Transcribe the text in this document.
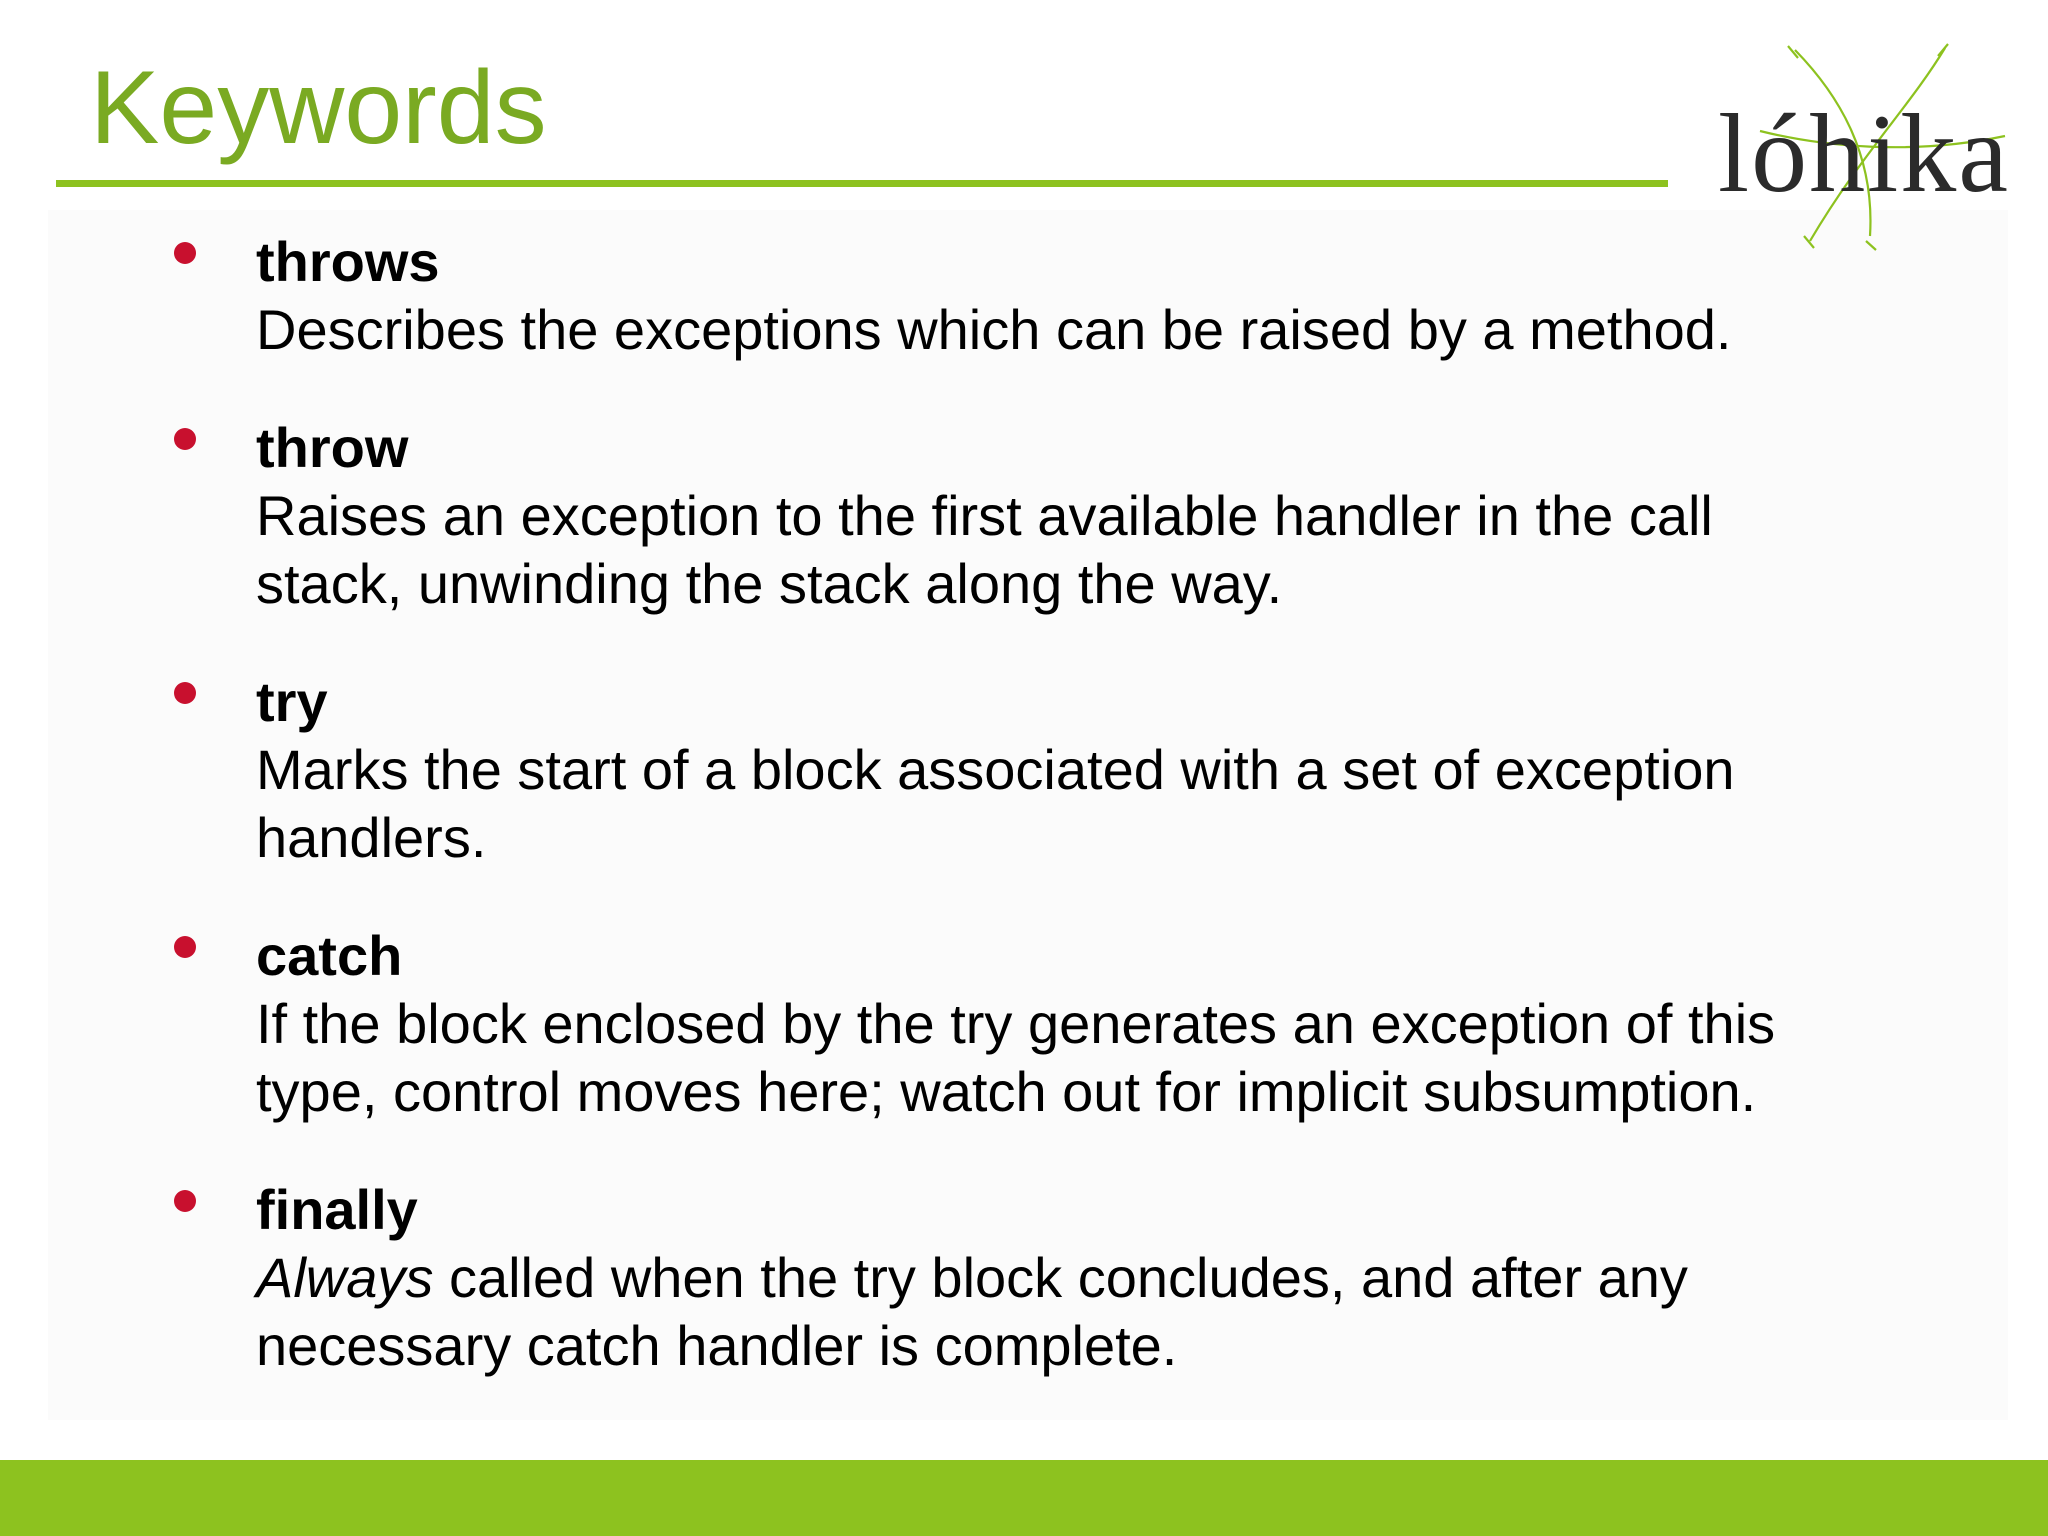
Keywords	lóhika
throws
Describes the exceptions which can be raised by a method.
throw
Raises an exception to the first available handler in the call stack, unwinding the stack along the way.
try
Marks the start of a block associated with a set of exception handlers.
catch
If the block enclosed by the try generates an exception of this type, control moves here; watch out for implicit subsumption.
finally
Always called when the try block concludes, and after any necessary catch handler is complete.
